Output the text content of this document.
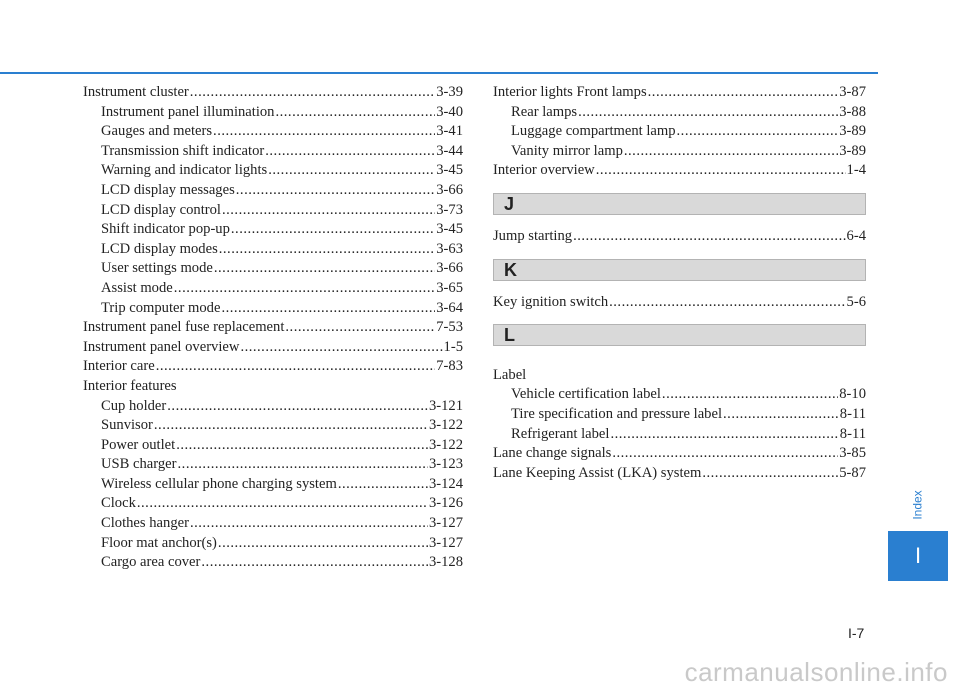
Instrument cluster .....	3-39
Instrument panel illumination .....	3-40
Gauges and meters .....	3-41
Transmission shift indicator .....	3-44
Warning and indicator lights .....	3-45
LCD display messages .....	3-66
LCD display control .....	3-73
Shift indicator pop-up .....	3-45
LCD display modes .....	3-63
User settings mode .....	3-66
Assist mode .....	3-65
Trip computer mode .....	3-64
Instrument panel fuse replacement .....	7-53
Instrument panel overview .....	1-5
Interior care .....	7-83
Interior features
Cup holder .....	3-121
Sunvisor .....	3-122
Power outlet .....	3-122
USB charger .....	3-123
Wireless cellular phone charging system .....	3-124
Clock .....	3-126
Clothes hanger .....	3-127
Floor mat anchor(s) .....	3-127
Cargo area cover .....	3-128
Interior lights Front lamps .....	3-87
Rear lamps .....	3-88
Luggage compartment lamp .....	3-89
Vanity mirror lamp .....	3-89
Interior overview .....	1-4
J
Jump starting .....	6-4
K
Key ignition switch .....	5-6
L
Label
Vehicle certification label .....	8-10
Tire specification and pressure label .....	8-11
Refrigerant label .....	8-11
Lane change signals .....	3-85
Lane Keeping Assist (LKA) system .....	5-87
Index
I
I-7
carmanualsonline.info
